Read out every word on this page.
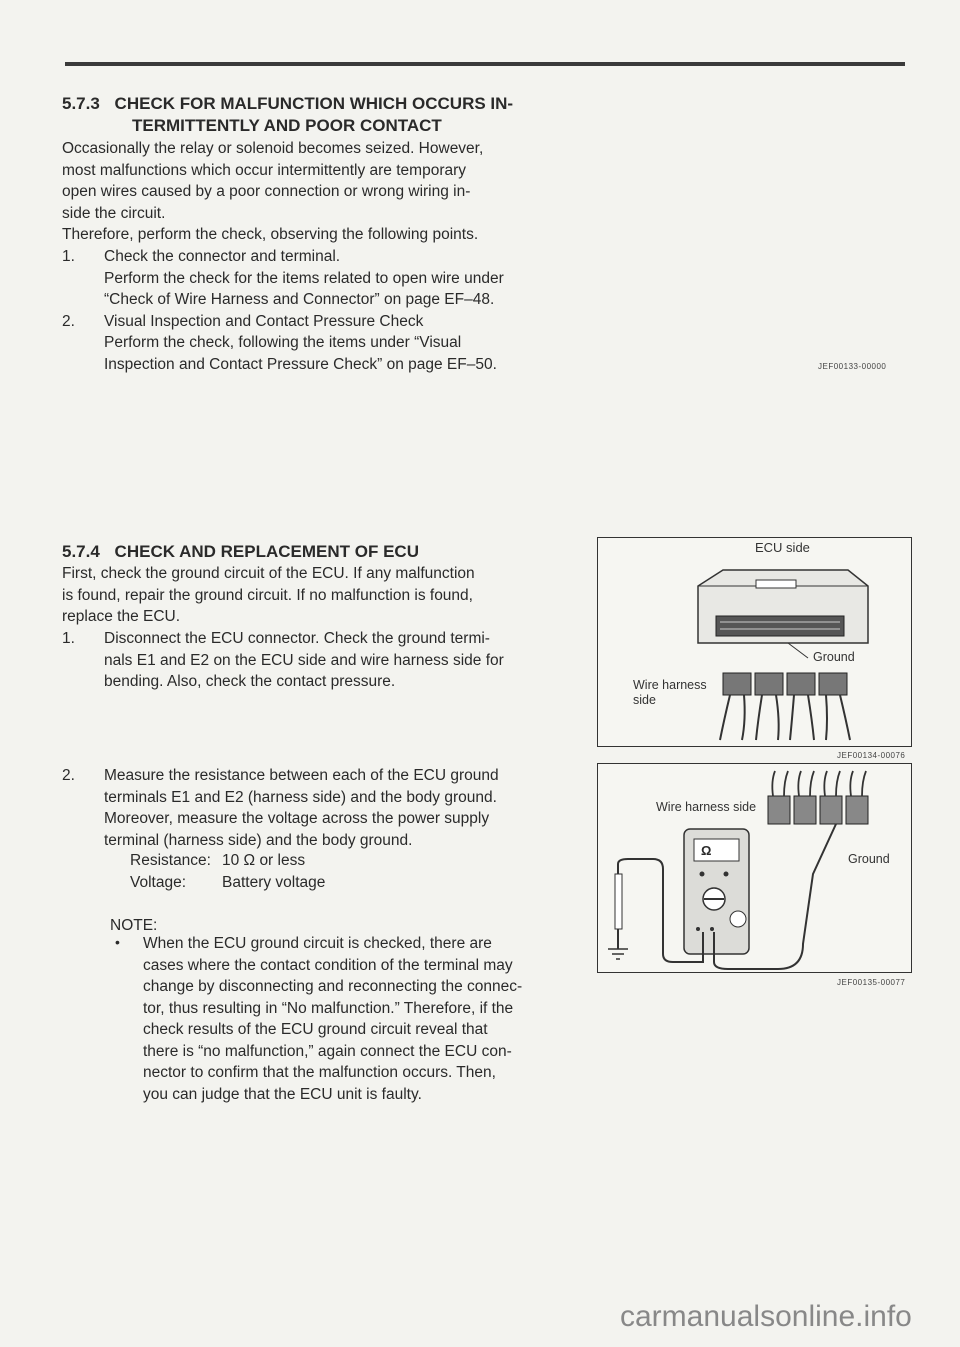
5.7.3 CHECK FOR MALFUNCTION WHICH OCCURS IN-
TERMITTENTLY AND POOR CONTACT
Occasionally the relay or solenoid becomes seized. However,
most malfunctions which occur intermittently are temporary
open wires caused by a poor connection or wrong wiring in-
side the circuit.
Therefore, perform the check, observing the following points.
1. Check the connector and terminal.
Perform the check for the items related to open wire under
“Check of Wire Harness and Connector” on page EF–48.
2. Visual Inspection and Contact Pressure Check
Perform the check, following the items under “Visual
Inspection and Contact Pressure Check” on page EF–50.	JEF00133-00000
5.7.4 CHECK AND REPLACEMENT OF ECU
First, check the ground circuit of the ECU. If any malfunction
is found, repair the ground circuit. If no malfunction is found,
replace the ECU.
1. Disconnect the ECU connector. Check the ground termi-
nals E1 and E2 on the ECU side and wire harness side for
bending. Also, check the contact pressure.
2. Measure the resistance between each of the ECU ground
terminals E1 and E2 (harness side) and the body ground.
Moreover, measure the voltage across the power supply
terminal (harness side) and the body ground.
Resistance: 10 Ω or less
Voltage: Battery voltage
NOTE:
• When the ECU ground circuit is checked, there are
cases where the contact condition of the terminal may
change by disconnecting and reconnecting the connec-
tor, thus resulting in “No malfunction.” Therefore, if the
check results of the ECU ground circuit reveal that
there is “no malfunction,” again connect the ECU con-
nector to confirm that the malfunction occurs. Then,
you can judge that the ECU unit is faulty.
ECU side
Ground
Wire harness
side
JEF00134-00076
Ω
Wire harness side
Ground
JEF00135-00077
carmanualsonline.info
